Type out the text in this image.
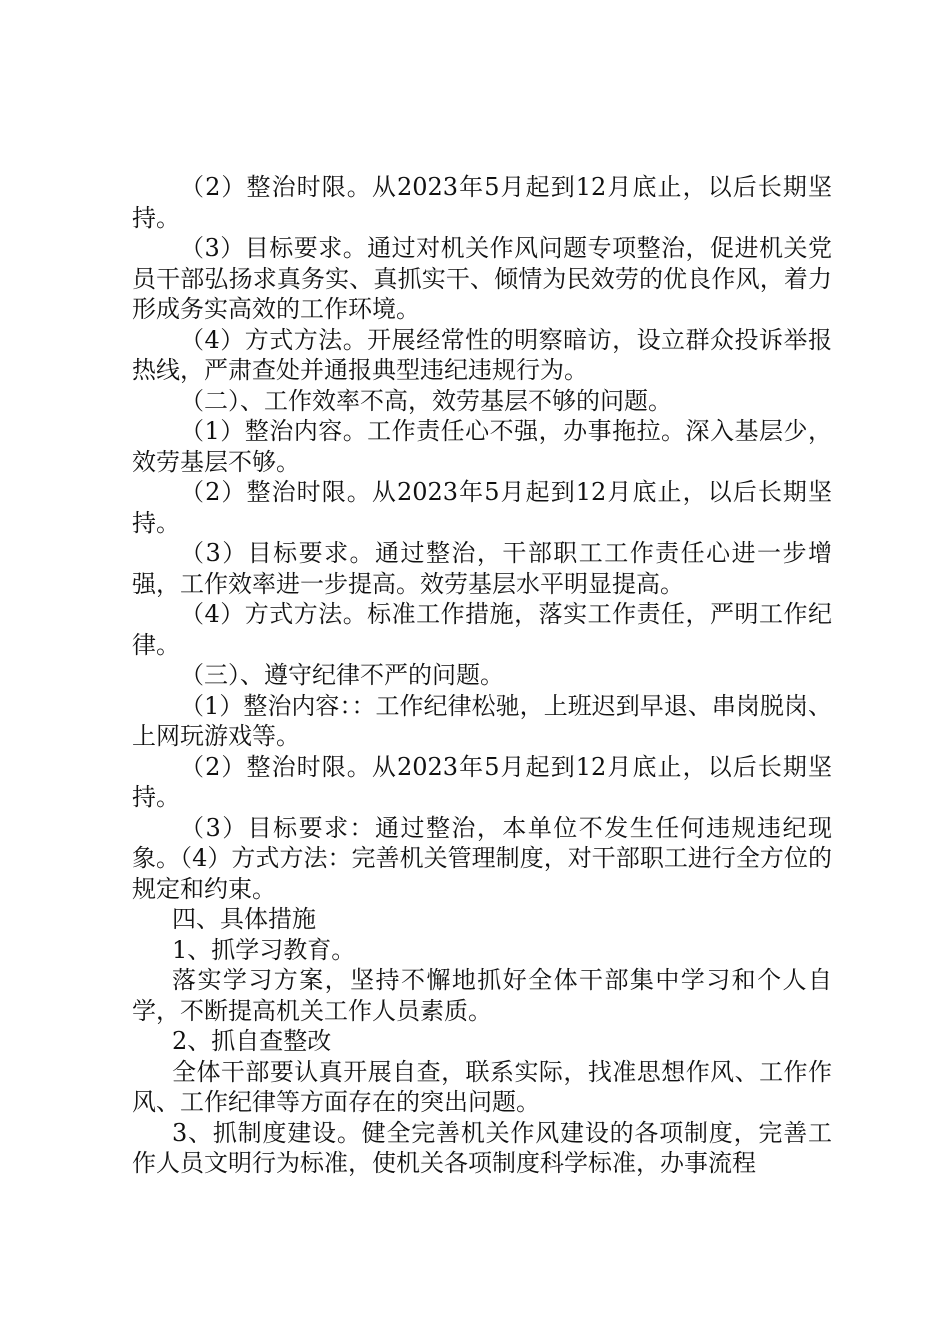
（2）整治时限。从2023年5月起到12月底止，以后长期坚持。

（3）目标要求。通过对机关作风问题专项整治，促进机关党员干部弘扬求真务实、真抓实干、倾情为民效劳的优良作风，着力形成务实高效的工作环境。

（4）方式方法。开展经常性的明察暗访，设立群众投诉举报热线，严肃查处并通报典型违纪违规行为。

（二）、工作效率不高，效劳基层不够的问题。

（1）整治内容。工作责任心不强，办事拖拉。深入基层少，效劳基层不够。

（2）整治时限。从2023年5月起到12月底止，以后长期坚持。

（3）目标要求。通过整治，干部职工工作责任心进一步增强，工作效率进一步提高。效劳基层水平明显提高。

（4）方式方法。标准工作措施，落实工作责任，严明工作纪律。

（三）、遵守纪律不严的问题。

（1）整治内容：：工作纪律松驰，上班迟到早退、串岗脱岗、上网玩游戏等。

（2）整治时限。从2023年5月起到12月底止，以后长期坚持。

（3）目标要求：通过整治，本单位不发生任何违规违纪现象。（4）方式方法：完善机关管理制度，对干部职工进行全方位的规定和约束。

四、具体措施

1、抓学习教育。

落实学习方案，坚持不懈地抓好全体干部集中学习和个人自学，不断提高机关工作人员素质。

2、抓自查整改

全体干部要认真开展自查，联系实际，找准思想作风、工作作风、工作纪律等方面存在的突出问题。

3、抓制度建设。健全完善机关作风建设的各项制度，完善工作人员文明行为标准，使机关各项制度科学标准，办事流程
